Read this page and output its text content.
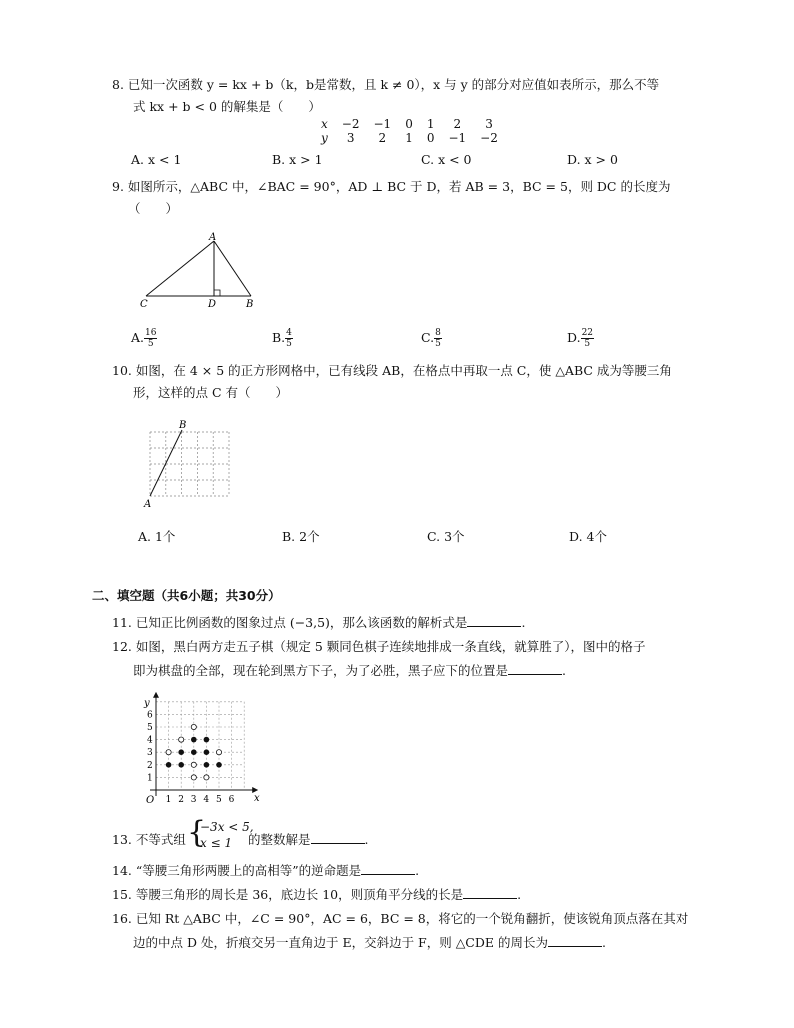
8. 已知一次函数 y = kx + b（k，b是常数，且 k ≠ 0），x 与 y 的部分对应值如表所示，那么不等
式 kx + b < 0 的解集是（　　）
x	−2	−1	0	1	2	3
y	3	2	1	0	−1	−2
A. x < 1	B. x > 1	C. x < 0	D. x > 0
9. 如图所示，△ABC 中，∠BAC = 90°，AD ⊥ BC 于 D，若 AB = 3，BC = 5，则 DC 的长度为
（　　）
A
C	D	B
A. $\frac{16}{5}$	B. $\frac{4}{5}$	C. $\frac{8}{5}$	D. $\frac{22}{5}$
10. 如图，在 4 × 5 的正方形网格中，已有线段 AB，在格点中再取一点 C，使 △ABC 成为等腰三角
形，这样的点 C 有（　　）
B
A
A. 1个	B. 2个	C. 3个	D. 4个
二、填空题（共6小题；共30分）
11. 已知正比例函数的图象过点 (−3,5)，那么该函数的解析式是	.
12. 如图，黑白两方走五子棋（规定 5 颗同色棋子连续地排成一条直线，就算胜了），图中的格子
即为棋盘的全部，现在轮到黑方下子，为了必胜，黑子应下的位置是	.
1 2 3 4 5 6
1
2
3
4
5
6
y
x
O
13. 不等式组 {
−3x < 5,
x ≤ 1 的整数解是	.
14. “等腰三角形两腰上的高相等”的逆命题是	.
15. 等腰三角形的周长是 36，底边长 10，则顶角平分线的长是	.
16. 已知 Rt △ABC 中，∠C = 90°，AC = 6，BC = 8，将它的一个锐角翻折，使该锐角顶点落在其对
边的中点 D 处，折痕交另一直角边于 E，交斜边于 F，则 △CDE 的周长为	.
